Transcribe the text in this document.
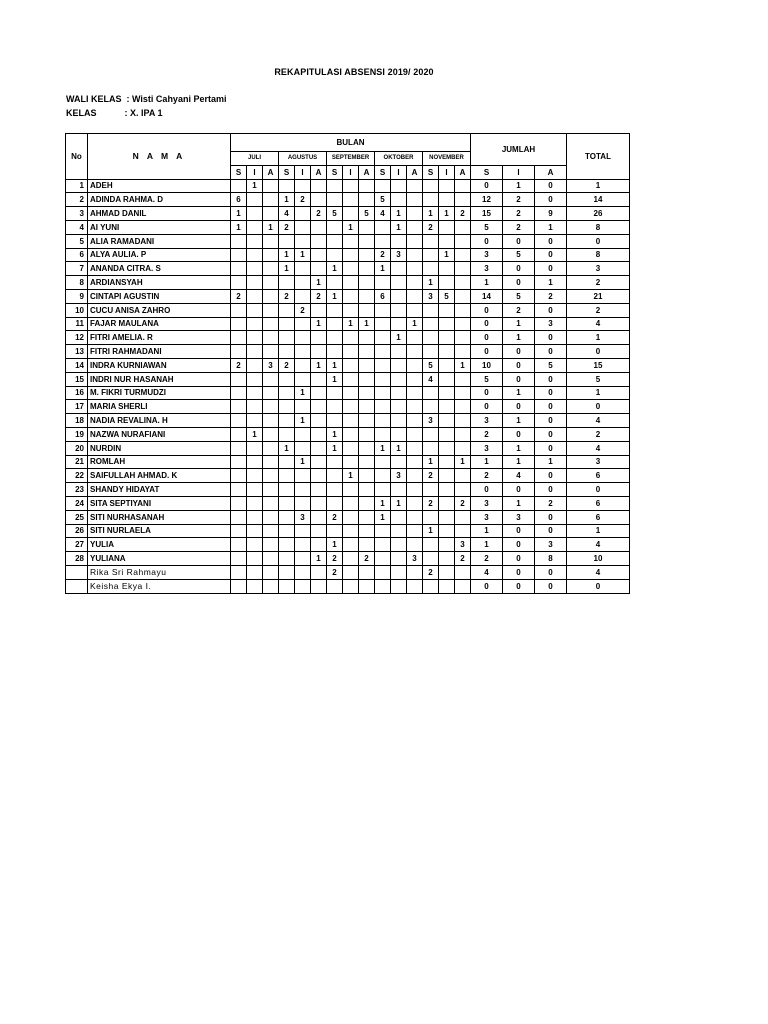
REKAPITULASI ABSENSI 2019/ 2020
WALI KELAS : Wisti Cahyani Pertami
KELAS	: X. IPA 1
No	N A M A	BULAN															JUMLAH			TOTAL
		JULI			AGUSTUS			SEPTEMBER			OKTOBER			NOVEMBER						
		S	I	A	S	I	A	S	I	A	S	I	A	S	I	A	S	I	A	
1	ADEH		1														0	1	0	1
2	ADINDA RAHMA. D	6			1	2					5						12	2	0	14
3	AHMAD DANIL	1			4		2	5		5	4	1		1	1	2	15	2	9	26
4	AI YUNI	1		1	2				1			1		2			5	2	1	8
5	ALIA RAMADANI																0	0	0	0
6	ALYA AULIA. P				1	1					2	3			1		3	5	0	8
7	ANANDA CITRA. S				1			1			1						3	0	0	3
8	ARDIANSYAH						1							1			1	0	1	2
9	CINTAPI AGUSTIN	2			2		2	1			6			3	5		14	5	2	21
10	CUCU ANISA ZAHRO					2											0	2	0	2
11	FAJAR MAULANA						1		1	1			1				0	1	3	4
12	FITRI AMELIA. R											1					0	1	0	1
13	FITRI RAHMADANI																0	0	0	0
14	INDRA KURNIAWAN	2		3	2		1	1						5		1	10	0	5	15
15	INDRI NUR HASANAH							1						4			5	0	0	5
16	M. FIKRI TURMUDZI					1											0	1	0	1
17	MARIA SHERLI																0	0	0	0
18	NADIA REVALINA. H					1								3			3	1	0	4
19	NAZWA NURAFIANI		1					1									2	0	0	2
20	NURDIN				1			1			1	1					3	1	0	4
21	ROMLAH					1								1		1	1	1	1	3
22	SAIFULLAH AHMAD. K								1			3		2			2	4	0	6
23	SHANDY HIDAYAT																0	0	0	0
24	SITA SEPTIYANI										1	1		2		2	3	1	2	6
25	SITI NURHASANAH					3		2			1						3	3	0	6
26	SITI NURLAELA													1			1	0	0	1
27	YULIA							1								3	1	0	3	4
28	YULIANA						1	2		2			3			2	2	0	8	10
	Rika Sri Rahmayu							2						2			4	0	0	4
	Keisha Ekya I.																0	0	0	0
